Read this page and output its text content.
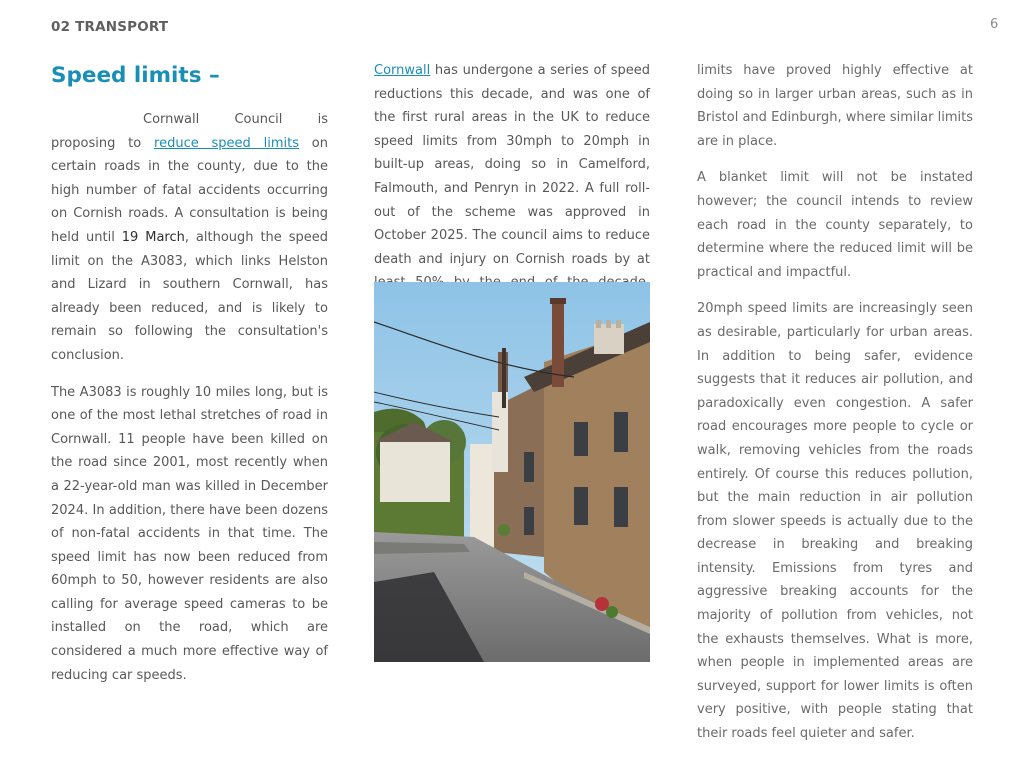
02 TRANSPORT	6
Speed limits –

Cornwall Council is proposing to reduce speed limits on certain roads in the county, due to the high number of fatal accidents occurring on Cornish roads. A consultation is being held until 19 March, although the speed limit on the A3083, which links Helston and Lizard in southern Cornwall, has already been reduced, and is likely to remain so following the consultation's conclusion.

The A3083 is roughly 10 miles long, but is one of the most lethal stretches of road in Cornwall. 11 people have been killed on the road since 2001, most recently when a 22-year-old man was killed in December 2024. In addition, there have been dozens of non-fatal accidents in that time. The speed limit has now been reduced from 60mph to 50, however residents are also calling for average speed cameras to be installed on the road, which are considered a much more effective way of reducing car speeds.

Cornwall has undergone a series of speed reductions this decade, and was one of the first rural areas in the UK to reduce speed limits from 30mph to 20mph in built-up areas, doing so in Camelford, Falmouth, and Penryn in 2022. A full roll-out of the scheme was approved in October 2025. The council aims to reduce death and injury on Cornish roads by at

limits have proved highly effective at doing so in larger urban areas, such as in Bristol and Edinburgh, where similar limits are in place.

A blanket limit will not be instated however; the council intends to review each road in the county separately, to determine where the reduced limit will be practical and impactful.

20mph speed limits are increasingly seen as desirable, particularly for urban areas. In addition to being safer, evidence suggests that it reduces air pollution, and paradoxically even congestion. A safer road encourages more people to cycle or walk, removing vehicles from the roads entirely. Of course this reduces pollution, but the main reduction in air pollution from slower speeds is actually due to the decrease in breaking and breaking intensity. Emissions from tyres and aggressive breaking accounts for the majority of pollution from vehicles, not the exhausts themselves. What is more, when people in implemented areas are surveyed, support for lower limits is often very positive, with people stating that their roads feel quieter and safer.
